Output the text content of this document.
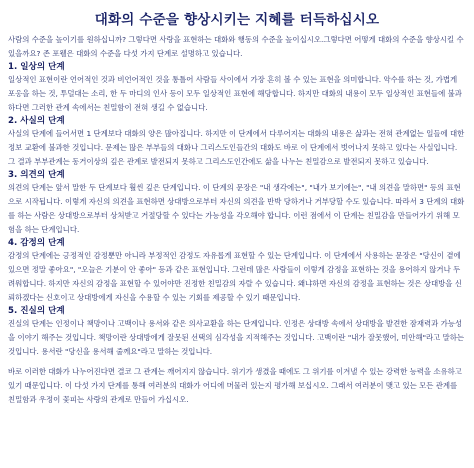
대화의 수준을 향상시키는 지혜를 터득하십시오

사람의 수준을 높이기를 원하십니까? 그렇다면 사랑을 표현하는 대화와 행동의 수준을 높이십시오.그렇다면 어떻게 대화의 수준을 향상시킬 수 있을까요? 존 포웰은 대화의 수준을 다섯 가지 단계로 설명하고 있습니다.

1. 일상의 단계

일상적인 표현이란 언어적인 것과 비언어적인 것을 통틀어 사람들 사이에서 가장 흔히 볼 수 있는 표현을 의미합니다. 악수를 하는 것, 가볍게 포옹을 하는 것, 투덜대는 소리, 한 두 마디의 인사 등이 모두 일상적인 표현에 해당합니다. 하지만 대화의 내용이 모두 일상적인 표현들에 불과하다면 그러한 관계 속에서는 친밀함이 전혀 생길 수 없습니다.

2. 사실의 단계

사실의 단계에 들어서면 1 단계보다 대화의 양은 많아집니다. 하지만 이 단계에서 다루어지는 대화의 내용은 삶과는 전혀 관계없는 일들에 대한 정보 교환에 불과한 것입니다. 문제는 많은 부부들의 대화나 그리스도인들간의 대화도 바로 이 단계에서 벗어나지 못하고 있다는 사실입니다. 그 결과 부부관계는 동거이상의 깊은 관계로 발전되지 못하고 그리스도인간에도 삶을 나누는 친밀감으로 발전되지 못하고 있습니다.

3. 의견의 단계

의견의 단계는 앞서 말한 두 단계보다 훨씬 깊은 단계입니다. 이 단계의 문장은 "내 생각에는", "내가 보기에는", "내 의견을 말하면" 등의 표현으로 시작됩니다. 이렇게 자신의 의견을 표현하면 상대방으로부터 자신의 의견을 반박 당하거나 거부당할 수도 있습니다. 따라서 3 단계의 대화를 하는 사람은 상대방으로부터 상처받고 거절당할 수 있다는 가능성을 각오해야 합니다. 이런 점에서 이 단계는 친밀감을 만들어가기 위해 모험을 하는 단계입니다.

4. 감정의 단계

감정의 단계에는 긍정적인 감정뿐만 아니라 부정적인 감정도 자유롭게 표현할 수 있는 단계입니다. 이 단계에서 사용하는 문장은 "당신이 곁에 있으면 정말 좋아요", "오늘은 기분이 안 좋아" 등과 같은 표현입니다. 그런데 많은 사람들이 이렇게 감정을 표현하는 것을 용어하지 않거나 두려워합니다. 하지만 자신의 감정을 표현할 수 있어야만 진정한 친밀감의 자랄 수 있습니다. 왜냐하면 자신의 감정을 표현하는 것은 상대방을 신뢰하겠다는 신호이고 상대방에게 자신을 수용할 수 있는 기회를 제공할 수 있기 때문입니다.

5. 진실의 단계

진실의 단계는 인정이나 책망이나 고백이나 용서와 같은 의사교환을 하는 단계입니다. 인정은 상대방 속에서 상대방을 발견한 잠재력과 가능성을 이야기 해주는 것입니다. 책망이란 상대방에게 잘못된 선택의 심각성을 지적해주는 것입니다. 고백이란 "내가 잘못했어, 미안해"라고 말하는 것입니다. 용서란 "당신을 용서해 줄께요"라고 말하는 것입니다.

바로 이러한 대화가 나누어진다면 결코 그 관계는 깨어지지 않습니다. 위기가 생겼을 때에도 그 위기를 이겨낼 수 있는 강력한 능력을 소유하고 있기 때문입니다. 이 다섯 가지 단계를 통해 여러분의 대화가 어디에 머물러 있는지 평가해 보십시오. 그래서 여러분이 맺고 있는 모든 관계를 친밀함과 우정이 꽃피는 사랑의 관계로 만들어 가십시오.
